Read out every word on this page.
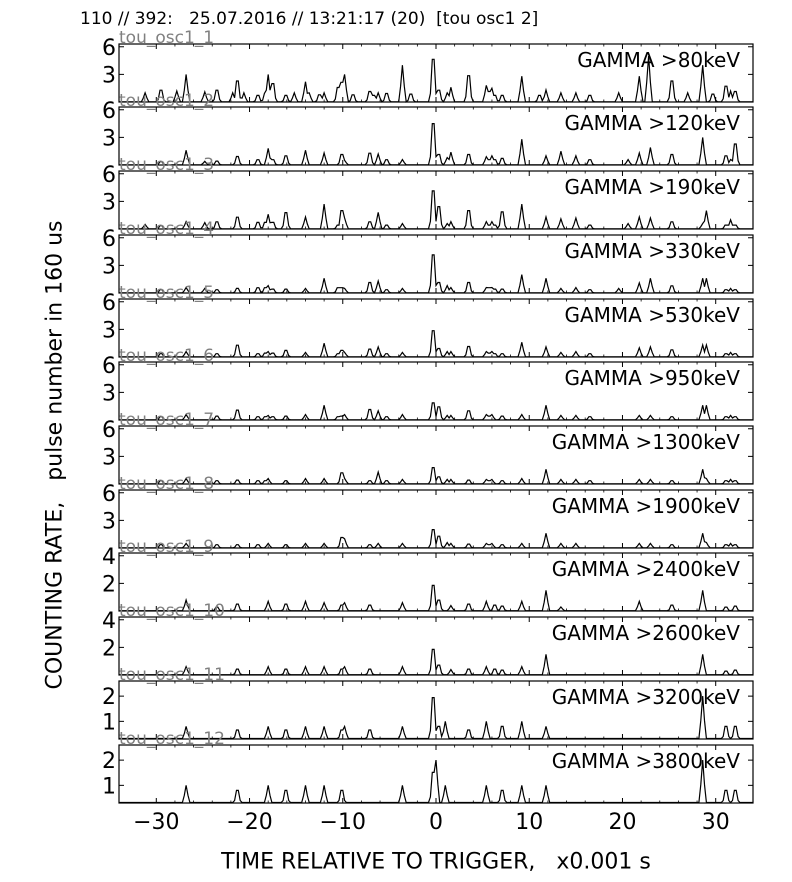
3
6	GAMMA >80keV
tou_osc1_1
3
6	GAMMA >120keV
tou_osc1_2
3
6	GAMMA >190keV
tou_osc1_3
3
6	GAMMA >330keV
tou_osc1_4
3
6	GAMMA >530keV
tou_osc1_5
3
6	GAMMA >950keV
tou_osc1_6
3
6	GAMMA >1300keV
tou_osc1_7
3
6	GAMMA >1900keV
tou_osc1_8
2
4	GAMMA >2400keV
tou_osc1_9
2
4	GAMMA >2600keV
tou_osc1_10
1
2	GAMMA >3200keV
tou_osc1_11
1
2	GAMMA >3800keV
tou_osc1_12
−30 −20 −10	0	10	20	30
110 // 392:   25.07.2016 // 13:21:17 (20)  [tou osc1 2]
COUNTING RATE,   pulse number in 160 us
TIME RELATIVE TO TRIGGER,   x0.001 s
